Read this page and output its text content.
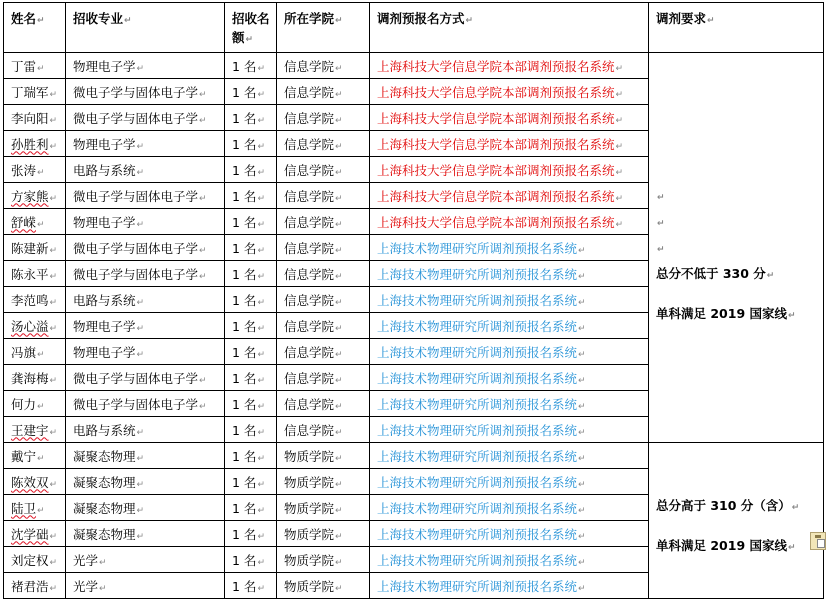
姓名↵	招收专业↵	招收名额↵	所在学院↵	调剂预报名方式↵	调剂要求↵
丁雷↵	物理电子学↵	1 名↵	信息学院↵	上海科技大学信息学院本部调剂预报名系统↵	↵
↵
↵
总分不低于 330 分↵
单科满足 2019 国家线↵

丁瑞军↵	微电子学与固体电子学↵	1 名↵	信息学院↵	上海科技大学信息学院本部调剂预报名系统↵	
李向阳↵	微电子学与固体电子学↵	1 名↵	信息学院↵	上海科技大学信息学院本部调剂预报名系统↵	
孙胜利↵	物理电子学↵	1 名↵	信息学院↵	上海科技大学信息学院本部调剂预报名系统↵	
张涛↵	电路与系统↵	1 名↵	信息学院↵	上海科技大学信息学院本部调剂预报名系统↵	
方家熊↵	微电子学与固体电子学↵	1 名↵	信息学院↵	上海科技大学信息学院本部调剂预报名系统↵	
舒嵘↵	物理电子学↵	1 名↵	信息学院↵	上海科技大学信息学院本部调剂预报名系统↵	
陈建新↵	微电子学与固体电子学↵	1 名↵	信息学院↵	上海技术物理研究所调剂预报名系统↵	
陈永平↵	微电子学与固体电子学↵	1 名↵	信息学院↵	上海技术物理研究所调剂预报名系统↵	
李范鸣↵	电路与系统↵	1 名↵	信息学院↵	上海技术物理研究所调剂预报名系统↵	
汤心溢↵	物理电子学↵	1 名↵	信息学院↵	上海技术物理研究所调剂预报名系统↵	
冯旗↵	物理电子学↵	1 名↵	信息学院↵	上海技术物理研究所调剂预报名系统↵	
龚海梅↵	微电子学与固体电子学↵	1 名↵	信息学院↵	上海技术物理研究所调剂预报名系统↵	
何力↵	微电子学与固体电子学↵	1 名↵	信息学院↵	上海技术物理研究所调剂预报名系统↵	
王建宇↵	电路与系统↵	1 名↵	信息学院↵	上海技术物理研究所调剂预报名系统↵	
戴宁↵	凝聚态物理↵	1 名↵	物质学院↵	上海技术物理研究所调剂预报名系统↵	总分高于 310 分（含）↵
单科满足 2019 国家线↵

陈效双↵	凝聚态物理↵	1 名↵	物质学院↵	上海技术物理研究所调剂预报名系统↵	
陆卫↵	凝聚态物理↵	1 名↵	物质学院↵	上海技术物理研究所调剂预报名系统↵	
沈学础↵	凝聚态物理↵	1 名↵	物质学院↵	上海技术物理研究所调剂预报名系统↵	
刘定权↵	光学↵	1 名↵	物质学院↵	上海技术物理研究所调剂预报名系统↵	
褚君浩↵	光学↵	1 名↵	物质学院↵	上海技术物理研究所调剂预报名系统↵	
